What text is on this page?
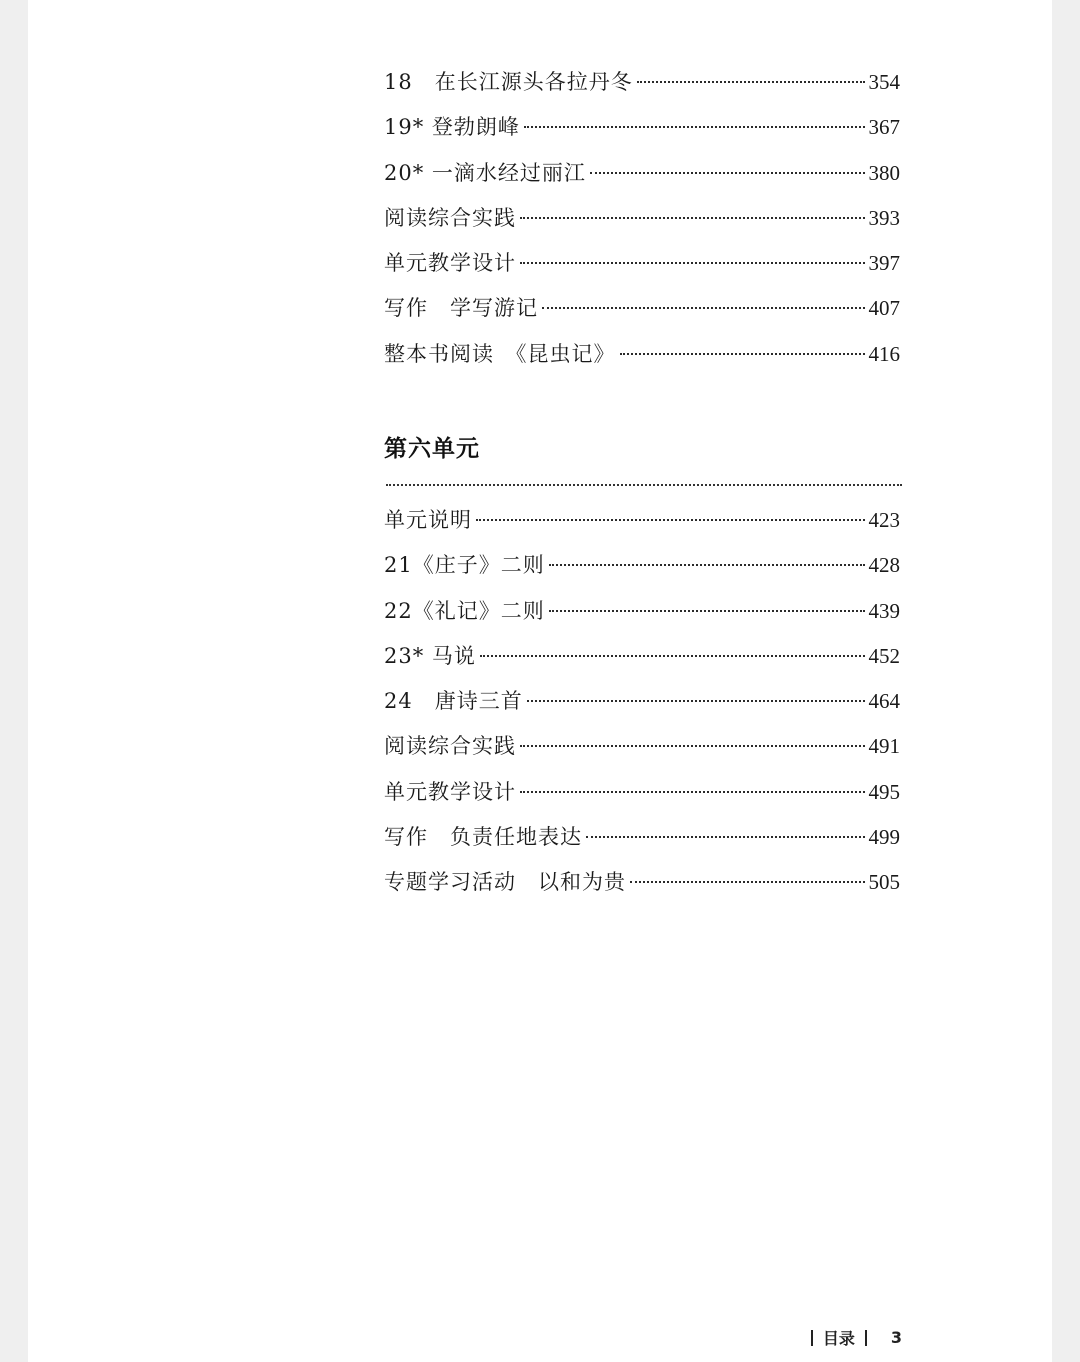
18　在长江源头各拉丹冬	354
19* 登勃朗峰	367
20* 一滴水经过丽江	380
阅读综合实践	393
单元教学设计	397
写作　学写游记	407
整本书阅读　《昆虫记》	416
第六单元
单元说明	423
21《庄子》二则	428
22《礼记》二则	439
23* 马说	452
24　唐诗三首	464
阅读综合实践	491
单元教学设计	495
写作　负责任地表达	499
专题学习活动　以和为贵	505
目录 3
